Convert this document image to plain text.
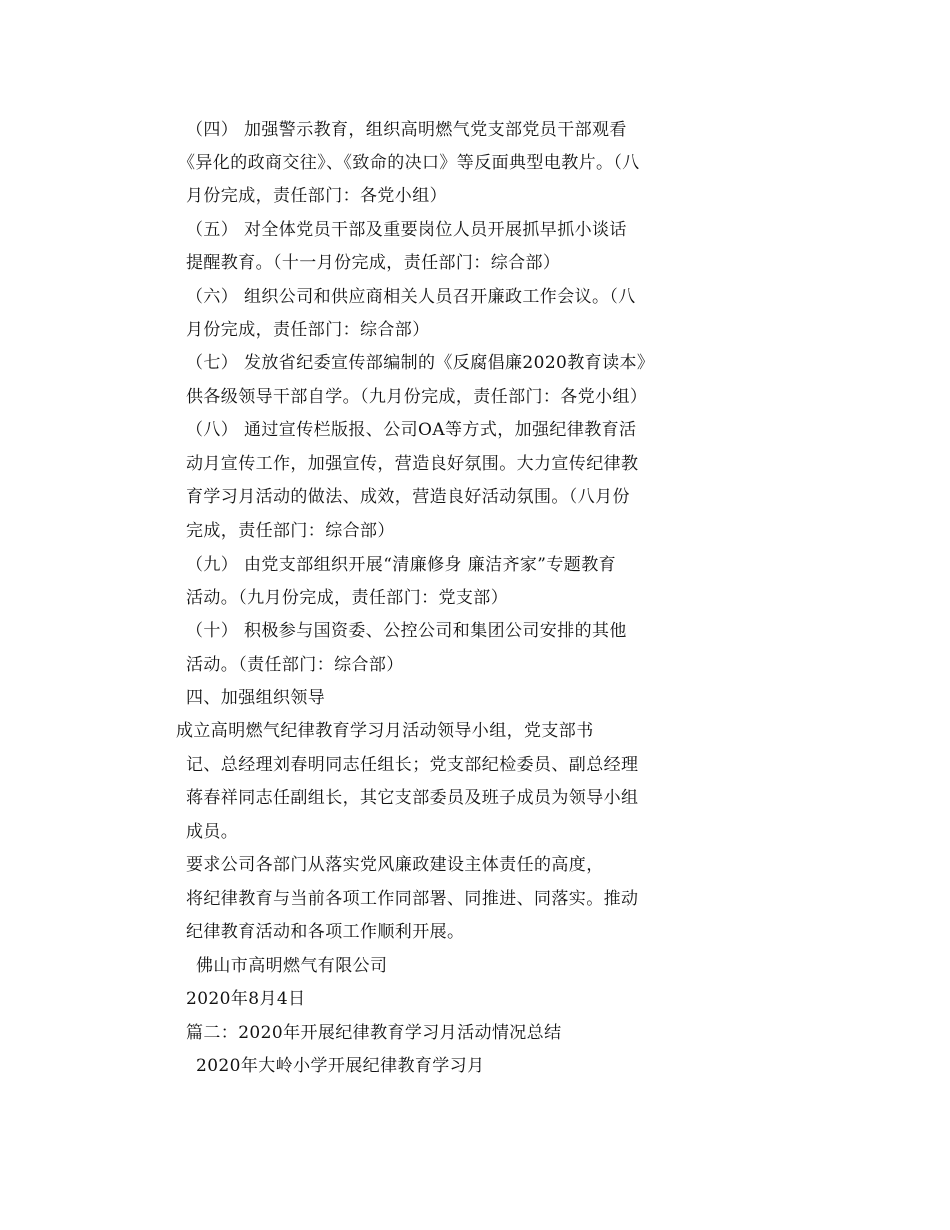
（四） 加强警示教育，组织高明燃气党支部党员干部观看
《异化的政商交往》、《致命的决口》等反面典型电教片。（八
月份完成，责任部门：各党小组）
（五） 对全体党员干部及重要岗位人员开展抓早抓小谈话
提醒教育。（十一月份完成，责任部门：综合部）
（六） 组织公司和供应商相关人员召开廉政工作会议。（八
月份完成，责任部门：综合部）
（七） 发放省纪委宣传部编制的《反腐倡廉2020教育读本》
供各级领导干部自学。（九月份完成，责任部门：各党小组）
（八） 通过宣传栏版报、公司OA等方式，加强纪律教育活
动月宣传工作，加强宣传，营造良好氛围。大力宣传纪律教
育学习月活动的做法、成效，营造良好活动氛围。（八月份
完成，责任部门：综合部）
（九） 由党支部组织开展“清廉修身 廉洁齐家”专题教育
活动。（九月份完成，责任部门：党支部）
（十） 积极参与国资委、公控公司和集团公司安排的其他
活动。（责任部门：综合部）
四、加强组织领导
成立高明燃气纪律教育学习月活动领导小组，党支部书
记、总经理刘春明同志任组长；党支部纪检委员、副总经理
蒋春祥同志任副组长，其它支部委员及班子成员为领导小组
成员。
要求公司各部门从落实党风廉政建设主体责任的高度，
将纪律教育与当前各项工作同部署、同推进、同落实。推动
纪律教育活动和各项工作顺利开展。
佛山市高明燃气有限公司
2020年8月4日
篇二：2020年开展纪律教育学习月活动情况总结
2020年大岭小学开展纪律教育学习月
